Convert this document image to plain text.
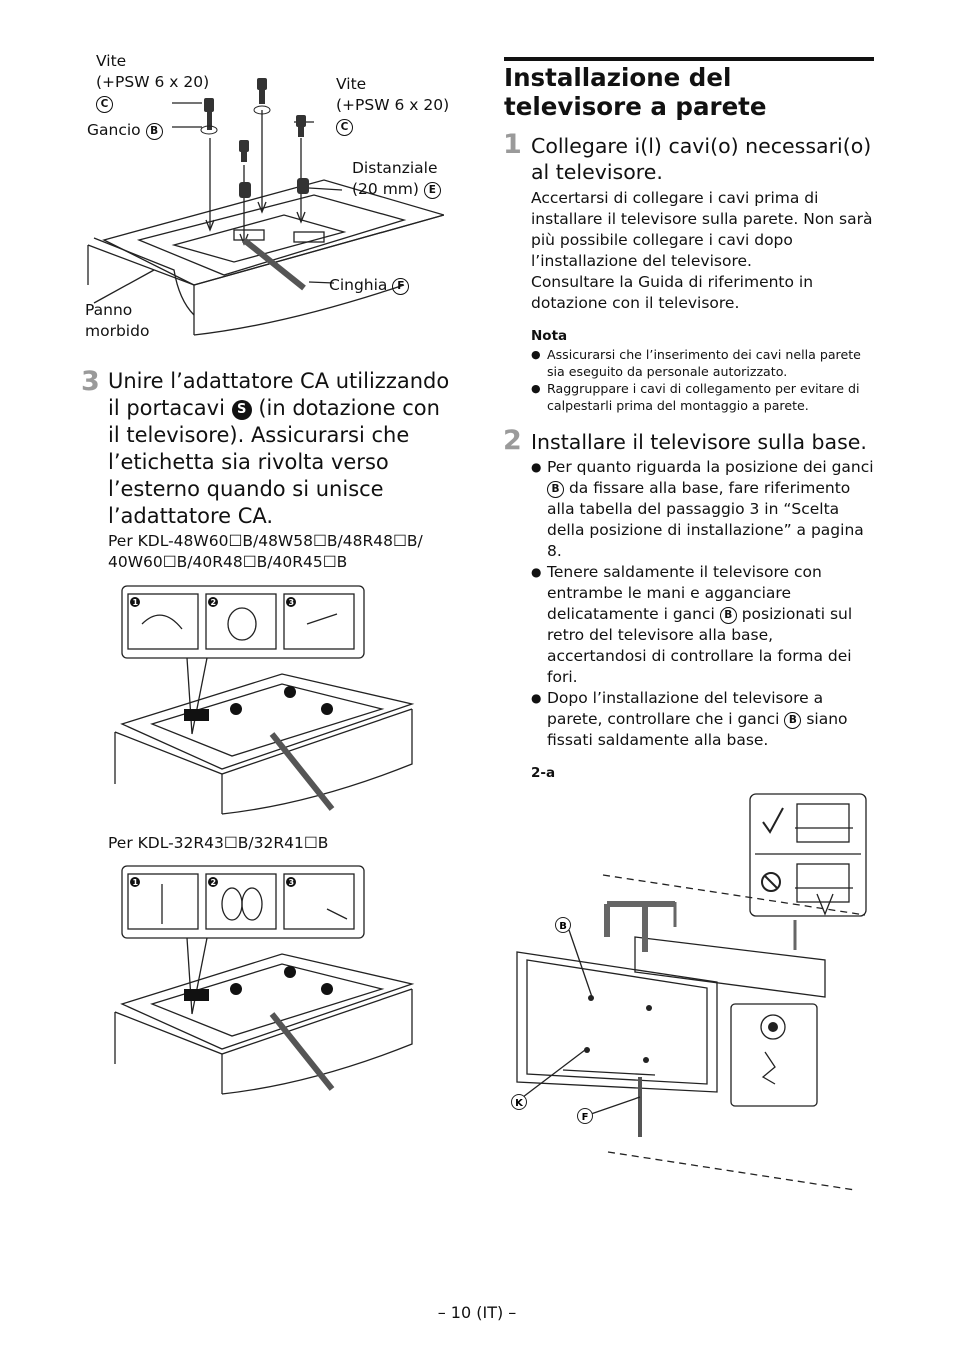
Vite
(+PSW 6 x 20)
C
Gancio B
Vite
(+PSW 6 x 20)
C
Distanziale
(20 mm) E
Cinghia F
Panno
morbido
3 Unire l’adattatore CA utilizzando il portacavi S (in dotazione con il televisore). Assicurarsi che l’etichetta sia rivolta verso l’esterno quando si unisce l’adattatore CA.
Per KDL-48W60☐B/48W58☐B/48R48☐B/
40W60☐B/40R48☐B/40R45☐B
1	2	3
Per KDL-32R43☐B/32R41☐B
1	2	3
Installazione del televisore a parete
1 Collegare i(l) cavi(o) necessari(o) al televisore.
Accertarsi di collegare i cavi prima di installare il televisore sulla parete. Non sarà più possibile collegare i cavi dopo l’installazione del televisore.
Consultare la Guida di riferimento in dotazione con il televisore.
Nota
● Assicurarsi che l’inserimento dei cavi nella parete sia eseguito da personale autorizzato.
● Raggruppare i cavi di collegamento per evitare di calpestarli prima del montaggio a parete.
2 Installare il televisore sulla base.
● Per quanto riguarda la posizione dei ganci B da fissare alla base, fare riferimento alla tabella del passaggio 3 in “Scelta della posizione di installazione” a pagina 8.
● Tenere saldamente il televisore con entrambe le mani e agganciare delicatamente i ganci B posizionati sul retro del televisore alla base, accertandosi di controllare la forma dei fori.
● Dopo l’installazione del televisore a parete, controllare che i ganci B siano fissati saldamente alla base.
2-a
B
K
F
– 10 (IT) –
